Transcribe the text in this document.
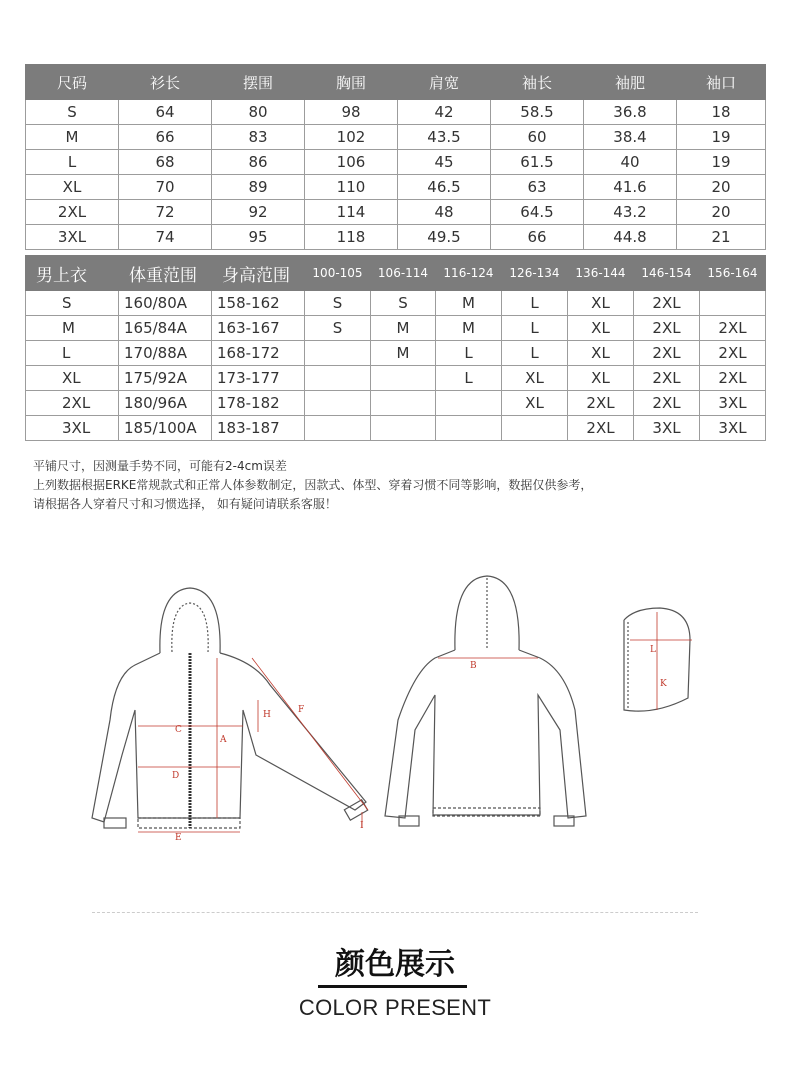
尺码	衫长	摆围	胸围	肩宽	袖长	袖肥	袖口
S	64	80	98	42	58.5	36.8	18
M	66	83	102	43.5	60	38.4	19
L	68	86	106	45	61.5	40	19
XL	70	89	110	46.5	63	41.6	20
2XL	72	92	114	48	64.5	43.2	20
3XL	74	95	118	49.5	66	44.8	21
男上衣	体重范围	身高范围	100-105	106-114	116-124	126-134	136-144	146-154	156-164
S	160/80A	158-162	S	S	M	L	XL	2XL	
M	165/84A	163-167	S	M	M	L	XL	2XL	2XL
L	170/88A	168-172		M	L	L	XL	2XL	2XL
XL	175/92A	173-177			L	XL	XL	2XL	2XL
2XL	180/96A	178-182				XL	2XL	2XL	3XL
3XL	185/100A	183-187					2XL	3XL	3XL
平铺尺寸，因测量手势不同，可能有2-4cm误差
上列数据根据ERKE常规款式和正常人体参数制定，因款式、体型、穿着习惯不同等影响，数据仅供参考，
请根据各人穿着尺寸和习惯选择， 如有疑问请联系客服！
A
C
D
E
F
H
I
B
L
K
颜色展示
COLOR PRESENT
